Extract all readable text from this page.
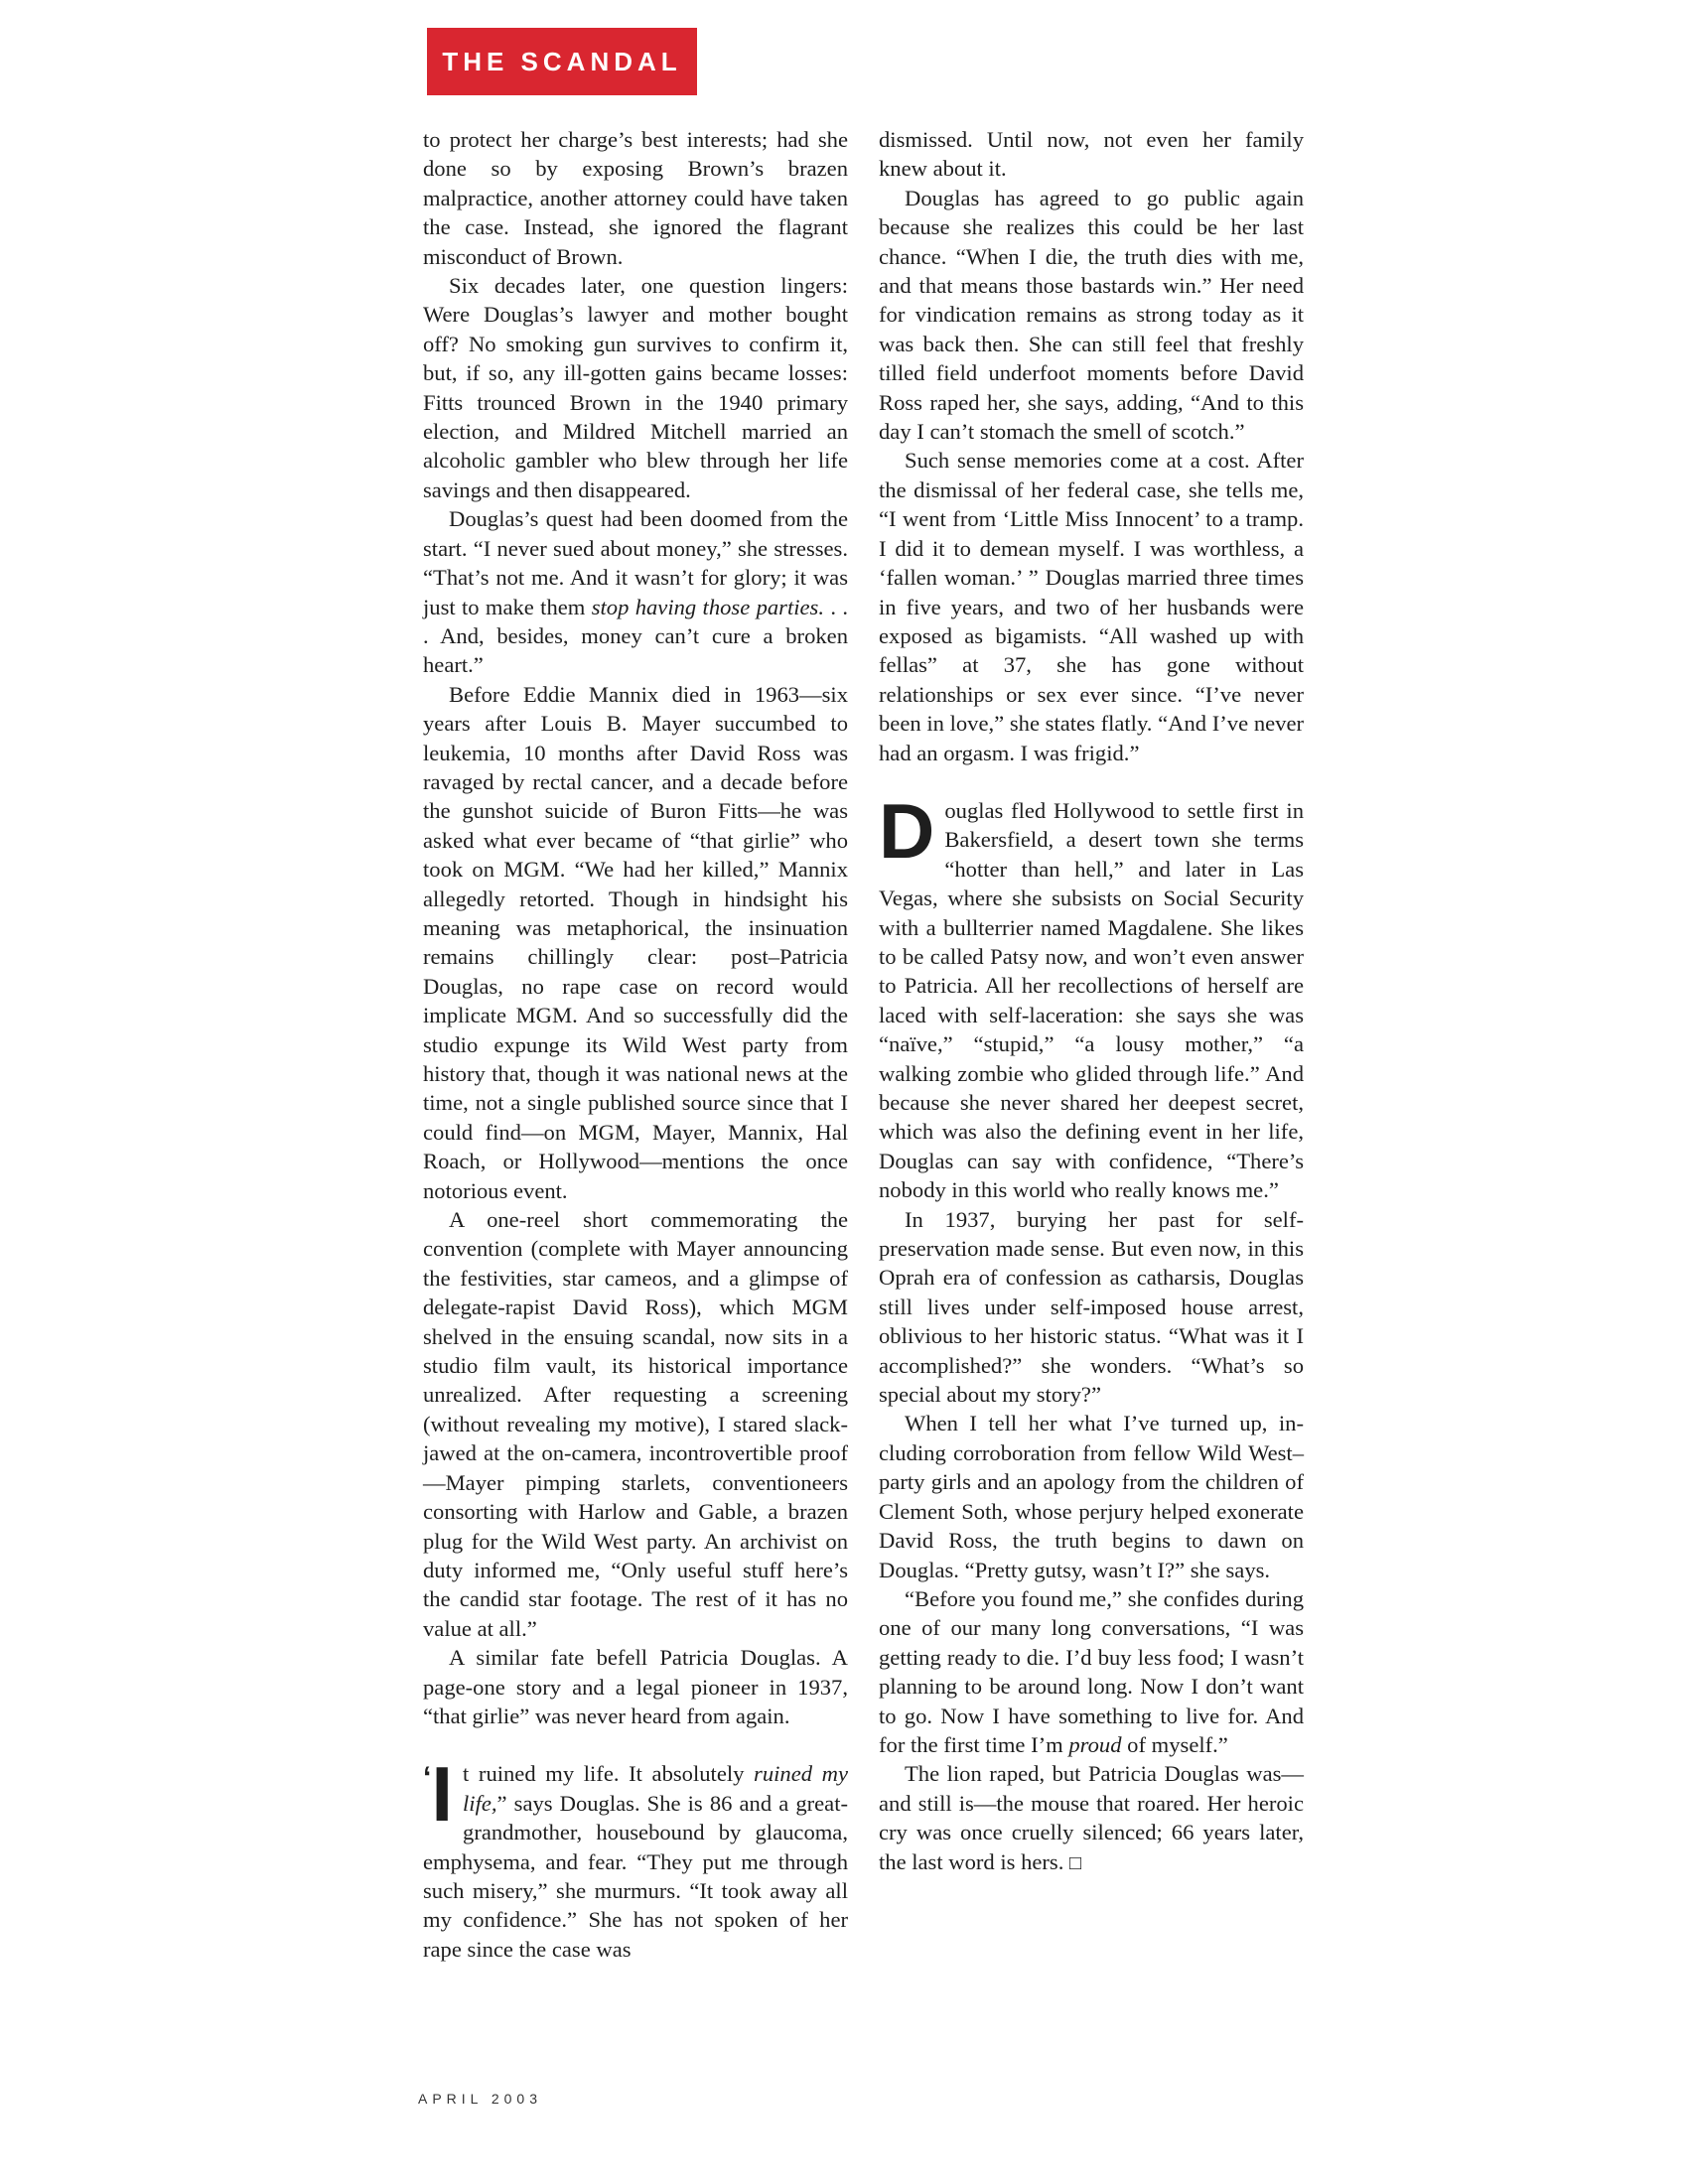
THE SCANDAL

to protect her charge’s best interests; had she done so by exposing Brown’s brazen malpractice, another attorney could have taken the case. Instead, she ignored the flagrant misconduct of Brown.

Six decades later, one question lingers: Were Douglas’s lawyer and mother bought off? No smoking gun survives to confirm it, but, if so, any ill-gotten gains became losses: Fitts trounced Brown in the 1940 primary election, and Mildred Mitchell married an alcoholic gambler who blew through her life savings and then disappeared.

Douglas’s quest had been doomed from the start. “I never sued about money,” she stresses. “That’s not me. And it wasn’t for glory; it was just to make them stop having those parties. . . . And, besides, money can’t cure a broken heart.”

Before Eddie Mannix died in 1963—six years after Louis B. Mayer succumbed to leukemia, 10 months after David Ross was ravaged by rectal cancer, and a decade before the gunshot suicide of Buron Fitts—he was asked what ever became of “that girlie” who took on MGM. “We had her killed,” Mannix allegedly retorted. Though in hindsight his meaning was metaphorical, the insinuation remains chillingly clear: post–Patricia Douglas, no rape case on record would implicate MGM. And so successfully did the studio expunge its Wild West party from history that, though it was national news at the time, not a single published source since that I could find—on MGM, Mayer, Mannix, Hal Roach, or Hollywood—mentions the once notorious event.

A one-reel short commemorating the convention (complete with Mayer announcing the festivities, star cameos, and a glimpse of delegate-rapist David Ross), which MGM shelved in the ensuing scandal, now sits in a studio film vault, its historical importance unrealized. After requesting a screening (without revealing my motive), I stared slack-jawed at the on-camera, incontrovertible proof—Mayer pimping starlets, conventioneers consorting with Harlow and Gable, a brazen plug for the Wild West party. An archivist on duty informed me, “Only useful stuff here’s the candid star footage. The rest of it has no value at all.”

A similar fate befell Patricia Douglas. A page-one story and a legal pioneer in 1937, “that girlie” was never heard from again.

‘I t ruined my life. It absolutely ruined my life,” says Douglas. She is 86 and a great-grandmother, housebound by glaucoma, emphysema, and fear. “They put me through such misery,” she murmurs. “It took away all my confidence.” She has not spoken of her rape since the case was

dismissed. Until now, not even her family knew about it.

Douglas has agreed to go public again because she realizes this could be her last chance. “When I die, the truth dies with me, and that means those bastards win.” Her need for vindication remains as strong today as it was back then. She can still feel that freshly tilled field underfoot moments before David Ross raped her, she says, adding, “And to this day I can’t stomach the smell of scotch.”

Such sense memories come at a cost. After the dismissal of her federal case, she tells me, “I went from ‘Little Miss Innocent’ to a tramp. I did it to demean myself. I was worthless, a ‘fallen woman.’ ” Douglas married three times in five years, and two of her husbands were exposed as bigamists. “All washed up with fellas” at 37, she has gone without relationships or sex ever since. “I’ve never been in love,” she states flatly. “And I’ve never had an orgasm. I was frigid.”

Douglas fled Hollywood to settle first in Bakersfield, a desert town she terms “hotter than hell,” and later in Las Vegas, where she subsists on Social Security with a bullterrier named Magdalene. She likes to be called Patsy now, and won’t even answer to Patricia. All her recollections of herself are laced with self-laceration: she says she was “naïve,” “stupid,” “a lousy mother,” “a walking zombie who glided through life.” And because she never shared her deepest secret, which was also the defining event in her life, Douglas can say with confidence, “There’s nobody in this world who really knows me.”

In 1937, burying her past for self-preservation made sense. But even now, in this Oprah era of confession as catharsis, Douglas still lives under self-imposed house arrest, oblivious to her historic status. “What was it I accomplished?” she wonders. “What’s so special about my story?”

When I tell her what I’ve turned up, including corroboration from fellow Wild West–party girls and an apology from the children of Clement Soth, whose perjury helped exonerate David Ross, the truth begins to dawn on Douglas. “Pretty gutsy, wasn’t I?” she says.

“Before you found me,” she confides during one of our many long conversations, “I was getting ready to die. I’d buy less food; I wasn’t planning to be around long. Now I don’t want to go. Now I have something to live for. And for the first time I’m proud of myself.”

The lion raped, but Patricia Douglas was—and still is—the mouse that roared. Her heroic cry was once cruelly silenced; 66 years later, the last word is hers. □

APRIL 2003
